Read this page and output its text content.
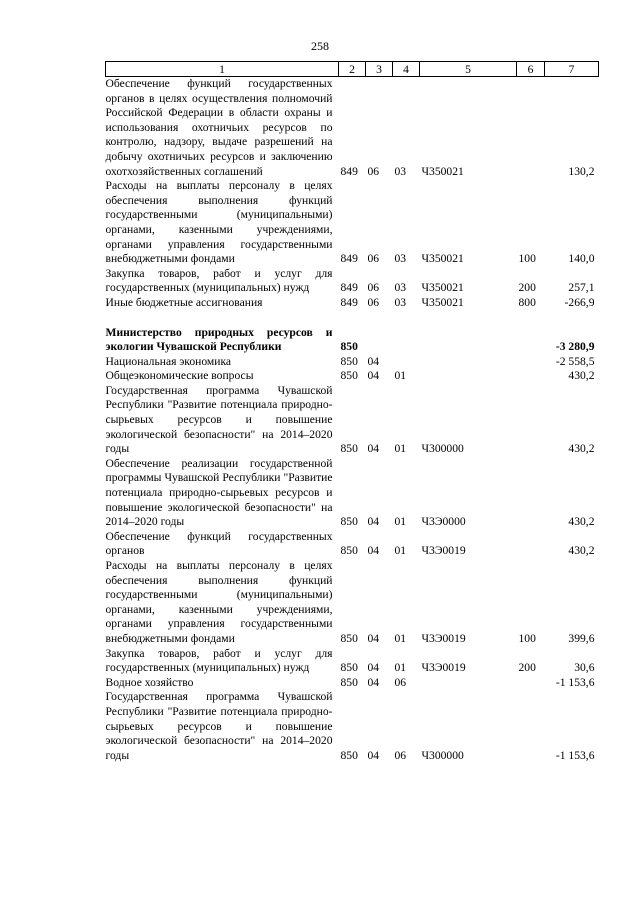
258
1	2	3	4	5	6	7
Обеспечение функций государственных органов в целях осуществления полномочий Российской Федерации в области охраны и использования охотничьих ресурсов по контролю, надзору, выдаче разрешений на добычу охотничьих ресурсов и заключению охотхозяйственных соглашений	849	06	03	Ч350021		130,2
Расходы на выплаты персоналу в целях обеспечения выполнения функций государственными (муниципальными) органами, казенными учреждениями, органами управления государственными внебюджетными фондами	849	06	03	Ч350021	100	140,0
Закупка товаров, работ и услуг для государственных (муниципальных) нужд	849	06	03	Ч350021	200	257,1
Иные бюджетные ассигнования	849	06	03	Ч350021	800	-266,9

Министерство природных ресурсов и экологии Чувашской Республики	850					-3 280,9
Национальная экономика	850	04				-2 558,5
Общеэкономические вопросы	850	04	01			430,2
Государственная программа Чувашской Республики "Развитие потенциала природно-сырьевых ресурсов и повышение экологической безопасности" на 2014–2020 годы	850	04	01	Ч300000		430,2
Обеспечение реализации государственной программы Чувашской Республики "Развитие потенциала природно-сырьевых ресурсов и повышение экологической безопасности" на 2014–2020 годы	850	04	01	Ч3Э0000		430,2
Обеспечение функций государственных органов	850	04	01	Ч3Э0019		430,2
Расходы на выплаты персоналу в целях обеспечения выполнения функций государственными (муниципальными) органами, казенными учреждениями, органами управления государственными внебюджетными фондами	850	04	01	Ч3Э0019	100	399,6
Закупка товаров, работ и услуг для государственных (муниципальных) нужд	850	04	01	Ч3Э0019	200	30,6
Водное хозяйство	850	04	06			-1 153,6
Государственная программа Чувашской Республики "Развитие потенциала природно-сырьевых ресурсов и повышение экологической безопасности" на 2014–2020 годы	850	04	06	Ч300000		-1 153,6
